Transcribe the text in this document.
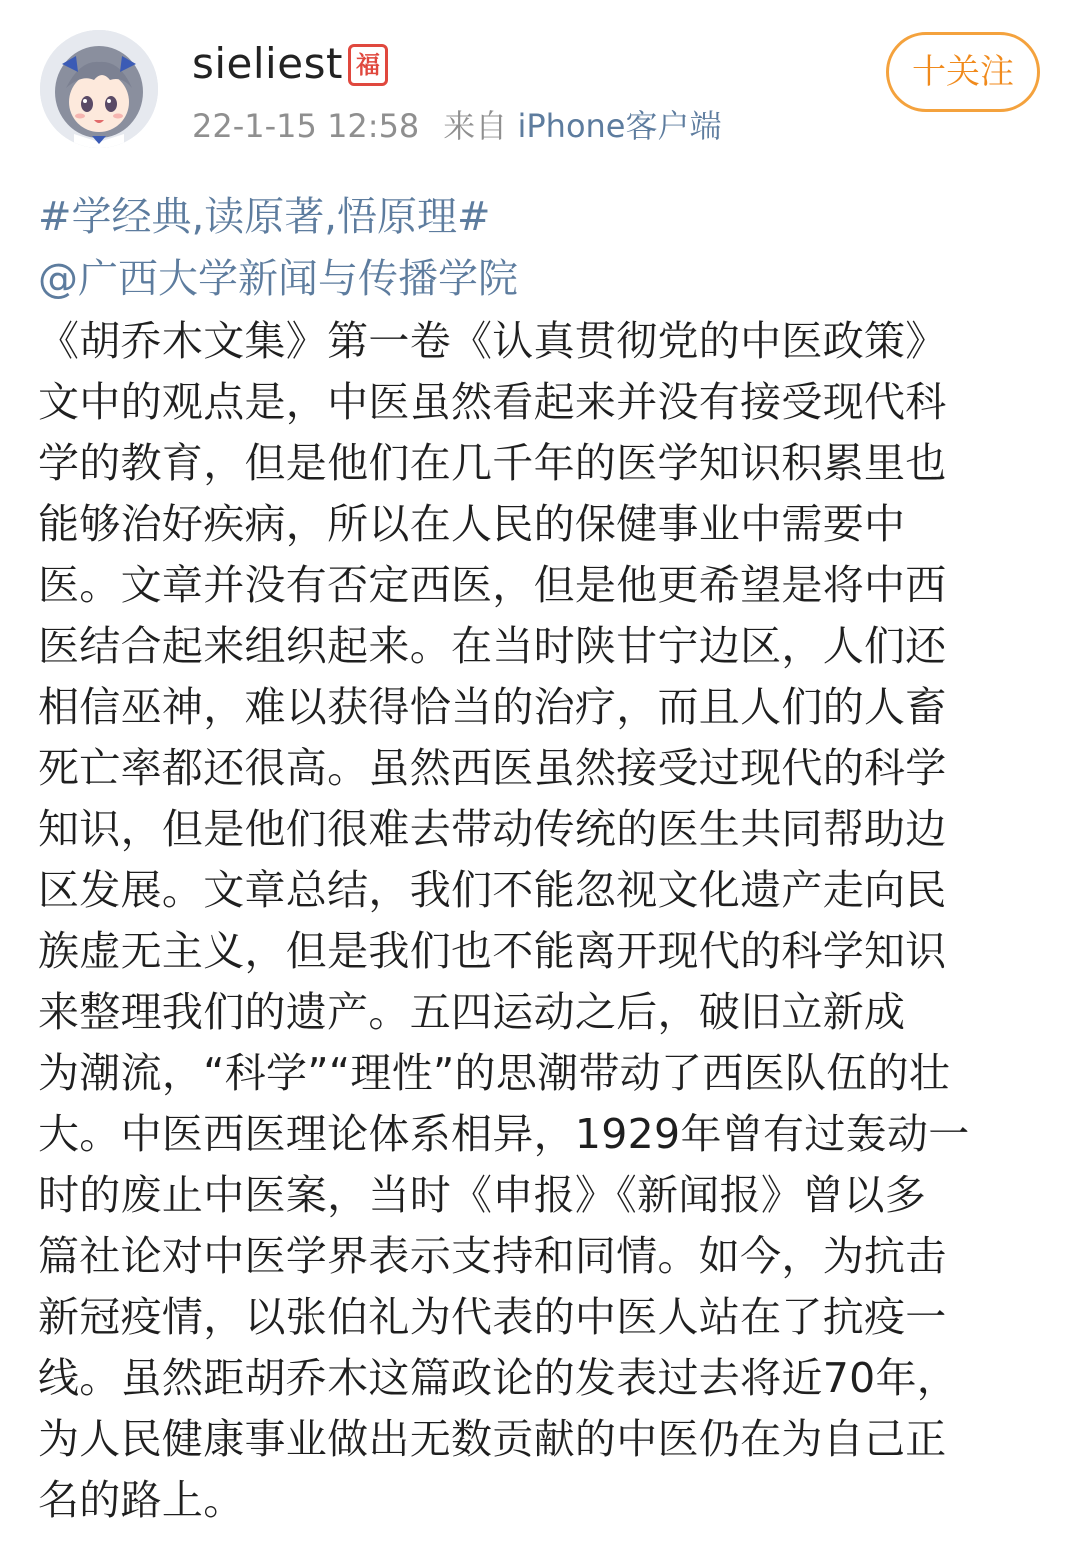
sieliest 福
22-1-15 12:58 来自 iPhone客户端
十关注
#学经典,读原著,悟原理#
@广西大学新闻与传播学院
《胡乔木文集》第一卷《认真贯彻党的中医政策》
文中的观点是，中医虽然看起来并没有接受现代科
学的教育，但是他们在几千年的医学知识积累里也
能够治好疾病，所以在人民的保健事业中需要中
医。文章并没有否定西医，但是他更希望是将中西
医结合起来组织起来。在当时陕甘宁边区，人们还
相信巫神，难以获得恰当的治疗，而且人们的人畜
死亡率都还很高。虽然西医虽然接受过现代的科学
知识，但是他们很难去带动传统的医生共同帮助边
区发展。文章总结，我们不能忽视文化遗产走向民
族虚无主义，但是我们也不能离开现代的科学知识
来整理我们的遗产。五四运动之后，破旧立新成
为潮流，“科学”“理性”的思潮带动了西医队伍的壮
大。中医西医理论体系相异，1929年曾有过轰动一
时的废止中医案，当时《申报》《新闻报》曾以多
篇社论对中医学界表示支持和同情。如今，为抗击
新冠疫情，以张伯礼为代表的中医人站在了抗疫一
线。虽然距胡乔木这篇政论的发表过去将近70年，
为人民健康事业做出无数贡献的中医仍在为自己正
名的路上。
